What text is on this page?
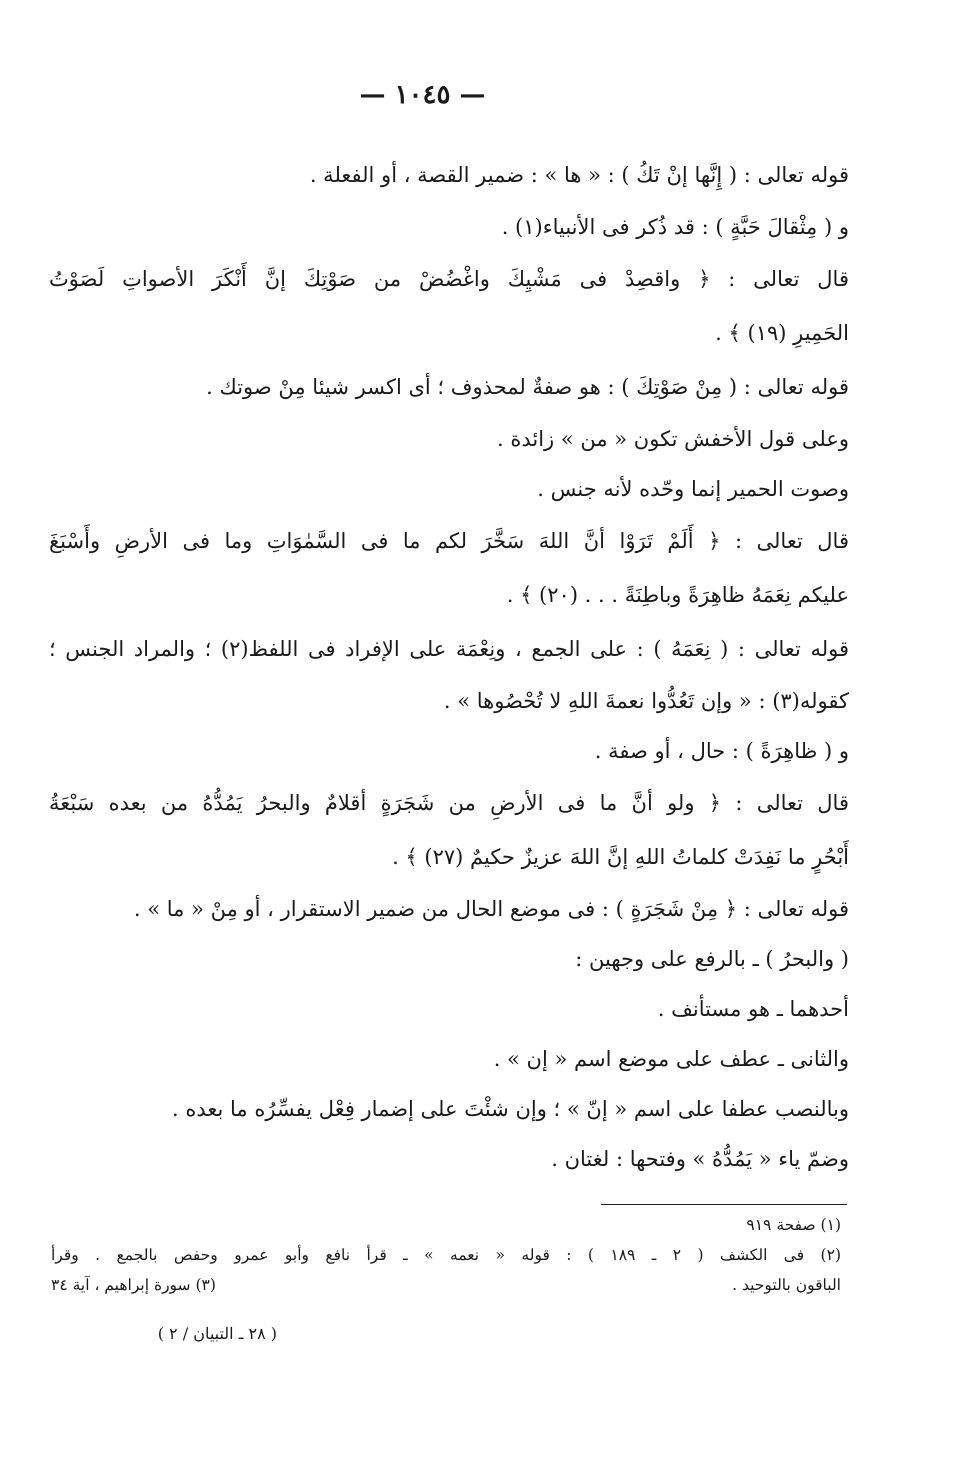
— ١٠٤٥ —
قوله تعالى : ( إِنَّها إنْ تَكُ ) : « ها » : ضمير القصة ، أو الفعلة .
و ( مِثْقالَ حَبَّةٍ ) : قد ذُكر فى الأنبياء(١) .
قال تعالى : ﴿ واقصِدْ فى مَشْيِكَ واغْضُضْ من صَوْتِكَ إنَّ أَنْكَرَ الأصواتِ لَصَوْتُ
الحَمِيرِ (١٩) ﴾ .
قوله تعالى : ( مِنْ صَوْتِكَ ) : هو صفةٌ لمحذوف ؛ أى اكسر شيئا مِنْ صوتك .
وعلى قول الأخفش تكون « من » زائدة .
وصوت الحمير إنما وحّده لأنه جنس .
قال تعالى : ﴿ أَلَمْ تَرَوْا أنَّ اللهَ سَخَّرَ لكم ما فى السَّمٰوَاتِ وما فى الأرضِ وأَسْبَغَ
عليكم نِعَمَهُ ظاهِرَةً وباطِنَةً . . . (٢٠) ﴾ .
قوله تعالى : ( نِعَمَهُ ) : على الجمع ، ونِعْمَة على الإفراد فى اللفظ(٢) ؛ والمراد الجنس ؛
كقوله(٣) : « وإن تَعُدُّوا نعمةَ اللهِ لا تُحْصُوها » .
و ( ظاهِرَةً ) : حال ، أو صفة .
قال تعالى : ﴿ ولو أنَّ ما فى الأرضِ من شَجَرَةٍ أقلامٌ والبحرُ يَمُدُّهُ من بعده سَبْعَةُ
أَبْحُرٍ ما نَفِدَتْ كلماتُ اللهِ إنَّ اللهَ عزيزٌ حكيمٌ (٢٧) ﴾ .
قوله تعالى : ﴿ مِنْ شَجَرَةٍ ) : فى موضع الحال من ضمير الاستقرار ، أو مِنْ « ما » .
( والبحرُ ) ـ بالرفع على وجهين :
أحدهما ـ هو مستأنف .
والثانى ـ عطف على موضع اسم « إن » .
وبالنصب عطفا على اسم « إنّ » ؛ وإن شئْتَ على إضمار فِعْل يفسِّرُه ما بعده .
وضمّ ياء « يَمُدُّهُ » وفتحها : لغتان .
(١) صفحة ٩١٩
(٢) فى الكشف ( ٢ ـ ١٨٩ ) : قوله « نعمه » ـ قرأ نافع وأبو عمرو وحفص بالجمع . وقرأ
الباقون بالتوحيد .
(٣) سورة إبراهيم ، آية ٣٤
( ٢٨ ـ التبيان / ٢ )
